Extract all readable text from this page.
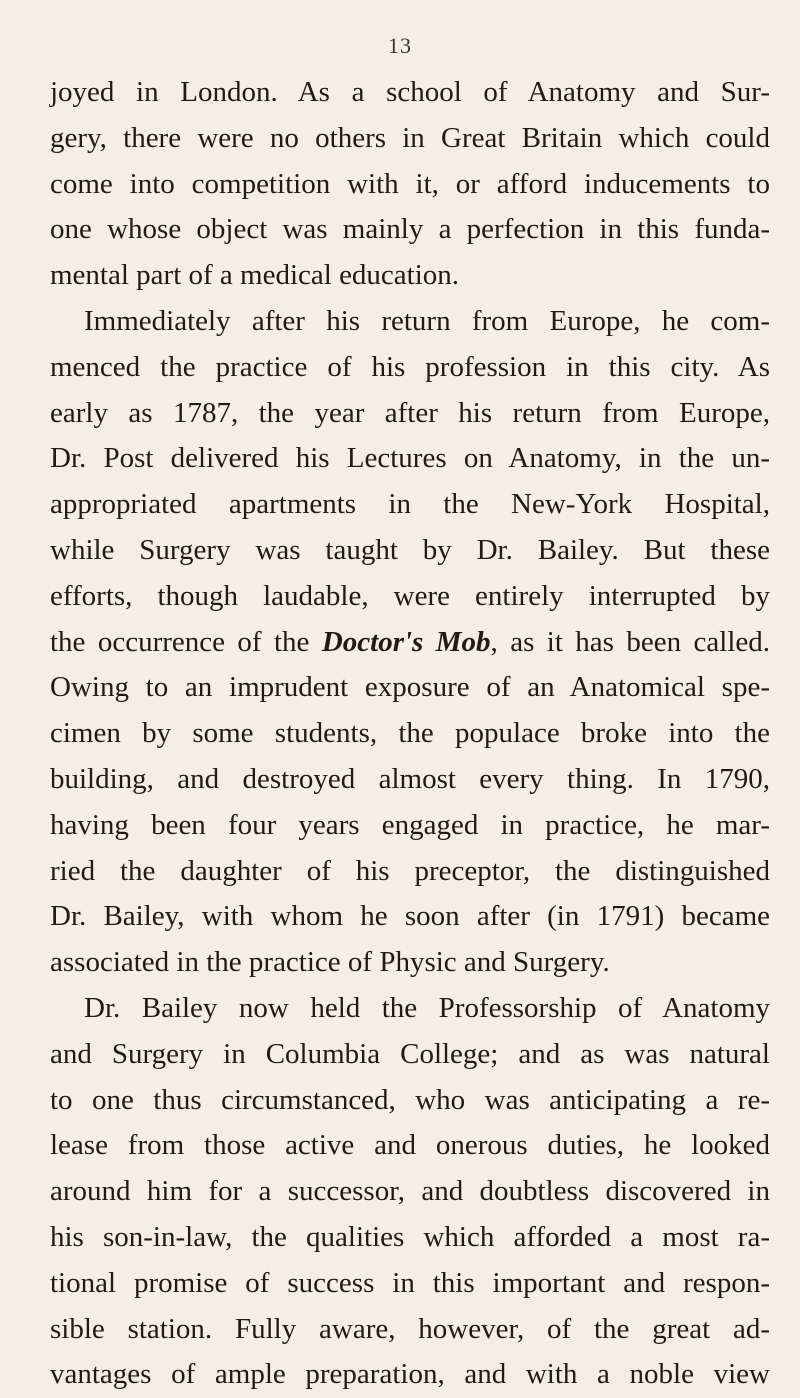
13
joyed in London. As a school of Anatomy and Sur-
gery, there were no others in Great Britain which could
come into competition with it, or afford inducements to
one whose object was mainly a perfection in this funda-
mental part of a medical education.
Immediately after his return from Europe, he com-
menced the practice of his profession in this city. As
early as 1787, the year after his return from Europe,
Dr. Post delivered his Lectures on Anatomy, in the un-
appropriated apartments in the New-York Hospital,
while Surgery was taught by Dr. Bailey. But these
efforts, though laudable, were entirely interrupted by
the occurrence of the Doctor's Mob, as it has been called.
Owing to an imprudent exposure of an Anatomical spe-
cimen by some students, the populace broke into the
building, and destroyed almost every thing. In 1790,
having been four years engaged in practice, he mar-
ried the daughter of his preceptor, the distinguished
Dr. Bailey, with whom he soon after (in 1791) became
associated in the practice of Physic and Surgery.
Dr. Bailey now held the Professorship of Anatomy
and Surgery in Columbia College; and as was natural
to one thus circumstanced, who was anticipating a re-
lease from those active and onerous duties, he looked
around him for a successor, and doubtless discovered in
his son-in-law, the qualities which afforded a most ra-
tional promise of success in this important and respon-
sible station. Fully aware, however, of the great ad-
vantages of ample preparation, and with a noble view
